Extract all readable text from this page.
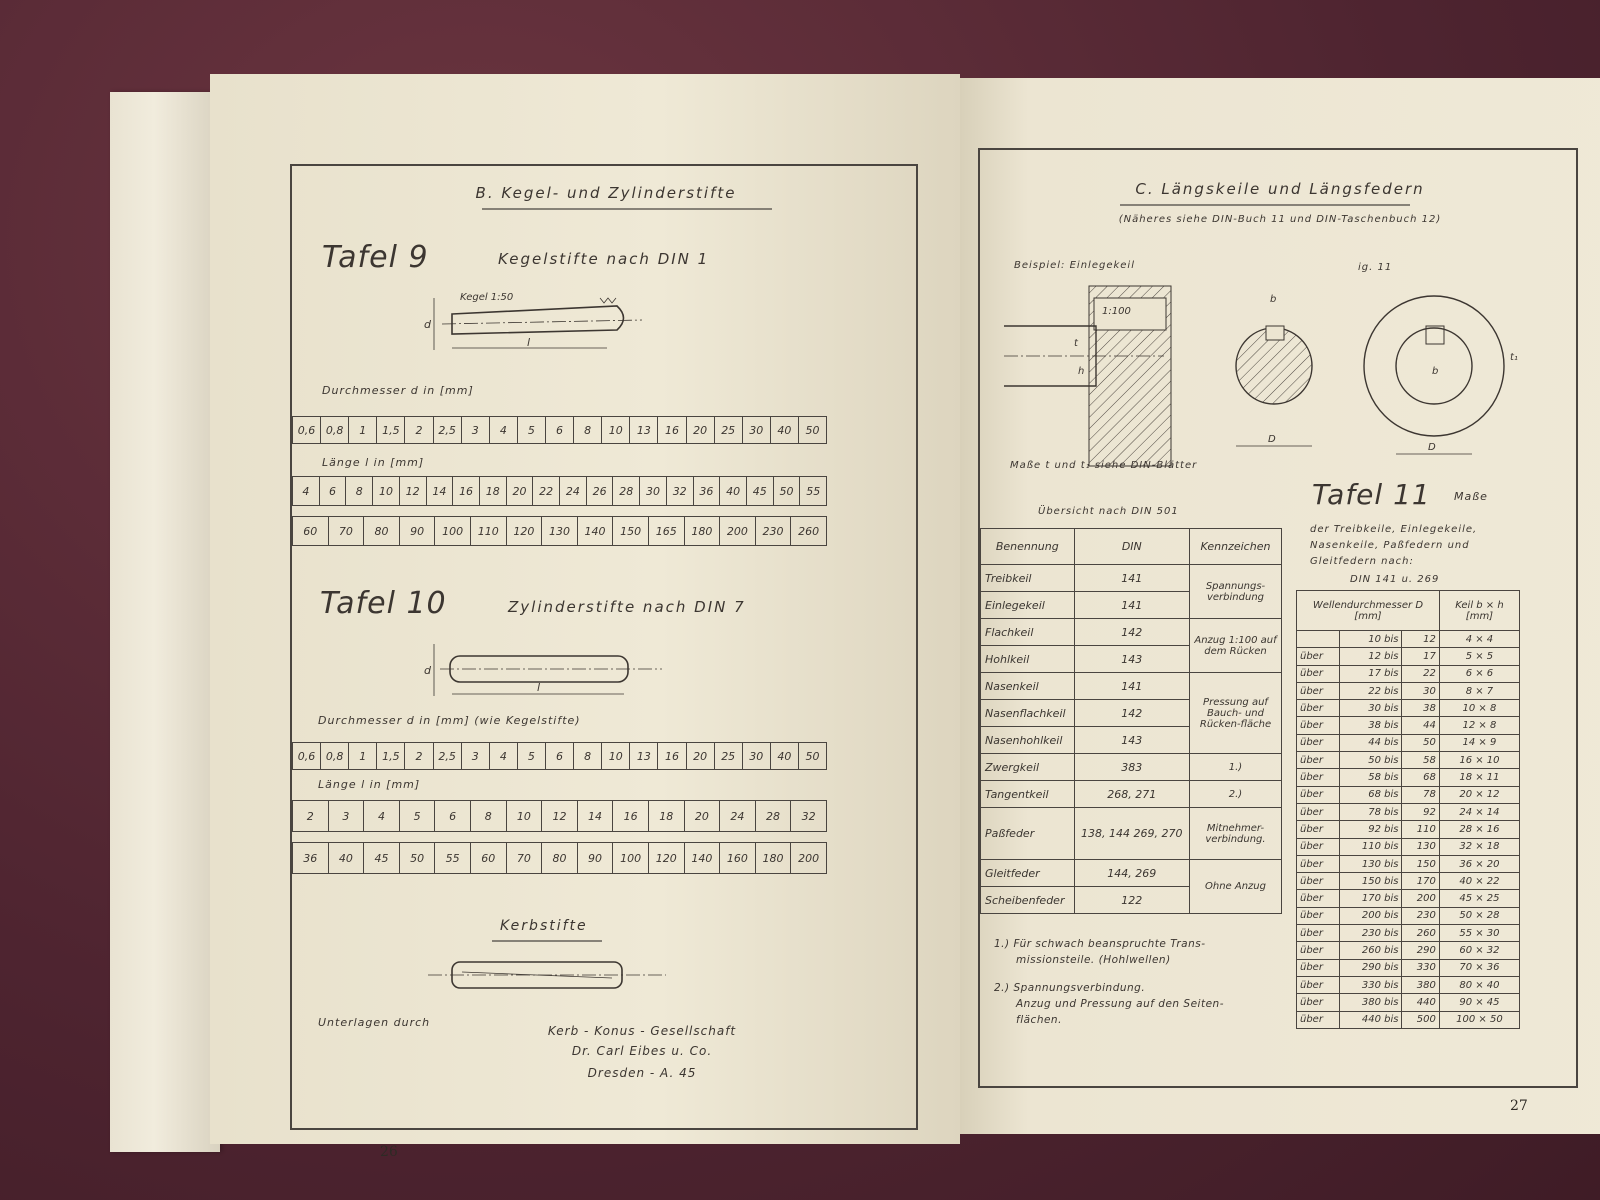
B. Kegel- und Zylinderstifte
Tafel 9	Kegelstifte nach DIN 1
d
l
Kegel 1:50
Durchmesser d in [mm]
0,6 0,8	1	1,5	2	2,5	3	4	5	6	8	10	13	16	20	25	30	40	50
Länge l in [mm]
4	6	8	10	12	14	16	18	20	22	24	26	28	30	32	36	40	45	50	55
60	70	80	90	100	110	120	130	140	150	165	180	200	230	260
Tafel 10	Zylinderstifte nach DIN 7
d
l
Durchmesser d in [mm] (wie Kegelstifte)
0,6 0,8	1	1,5	2	2,5	3	4	5	6	8	10	13	16	20	25	30	40	50
Länge l in [mm]
2	3	4	5	6	8	10	12	14	16	18	20	24	28	32
36	40	45	50	55	60	70	80	90	100	120	140	160	180	200
Kerbstifte
Unterlagen durch
Kerb - Konus - Gesellschaft
Dr. Carl Eibes u. Co.
Dresden - A. 45
26
C. Längskeile und Längsfedern
(Näheres siehe DIN-Buch 11 und DIN-Taschenbuch 12)
Beispiel: Einlegekeil	ig. 11
1:100
h
t
D
b
D
b
t₁
Maße t und t₁ siehe DIN-Blätter
Übersicht nach DIN 501
Tafel 11 Maße
der Treibkeile, Einlegekeile, Nasenkeile, Paßfedern und Gleitfedern nach:
DIN 141 u. 269
Benennung	DIN	Kennzeichen
Treibkeil	141	Spannungs-verbindung
Einlegekeil	141	
Flachkeil	142	Anzug 1:100 auf dem Rücken
Hohlkeil	143	
Nasenkeil	141	Pressung auf Bauch- und Rücken-fläche
Nasenflachkeil	142	
Nasenhohlkeil	143	
Zwergkeil	383	1.)
Tangentkeil	268, 271	2.)
Paßfeder	138, 144 269, 270	Mitnehmer-verbindung.
Gleitfeder	144, 269	Ohne Anzug
Scheibenfeder	122	
Wellendurchmesser D [mm]			Keil b × h [mm]
	10 bis	12	4 × 4
über	12 bis	17	5 × 5
über	17 bis	22	6 × 6
über	22 bis	30	8 × 7
über	30 bis	38	10 × 8
über	38 bis	44	12 × 8
über	44 bis	50	14 × 9
über	50 bis	58	16 × 10
über	58 bis	68	18 × 11
über	68 bis	78	20 × 12
über	78 bis	92	24 × 14
über	92 bis	110	28 × 16
über	110 bis	130	32 × 18
über	130 bis	150	36 × 20
über	150 bis	170	40 × 22
über	170 bis	200	45 × 25
über	200 bis	230	50 × 28
über	230 bis	260	55 × 30
über	260 bis	290	60 × 32
über	290 bis	330	70 × 36
über	330 bis	380	80 × 40
über	380 bis	440	90 × 45
über	440 bis	500	100 × 50
1.) Für schwach beanspruchte Trans-
missionsteile. (Hohlwellen)
2.) Spannungsverbindung.
Anzug und Pressung auf den Seiten-
flächen.
27
